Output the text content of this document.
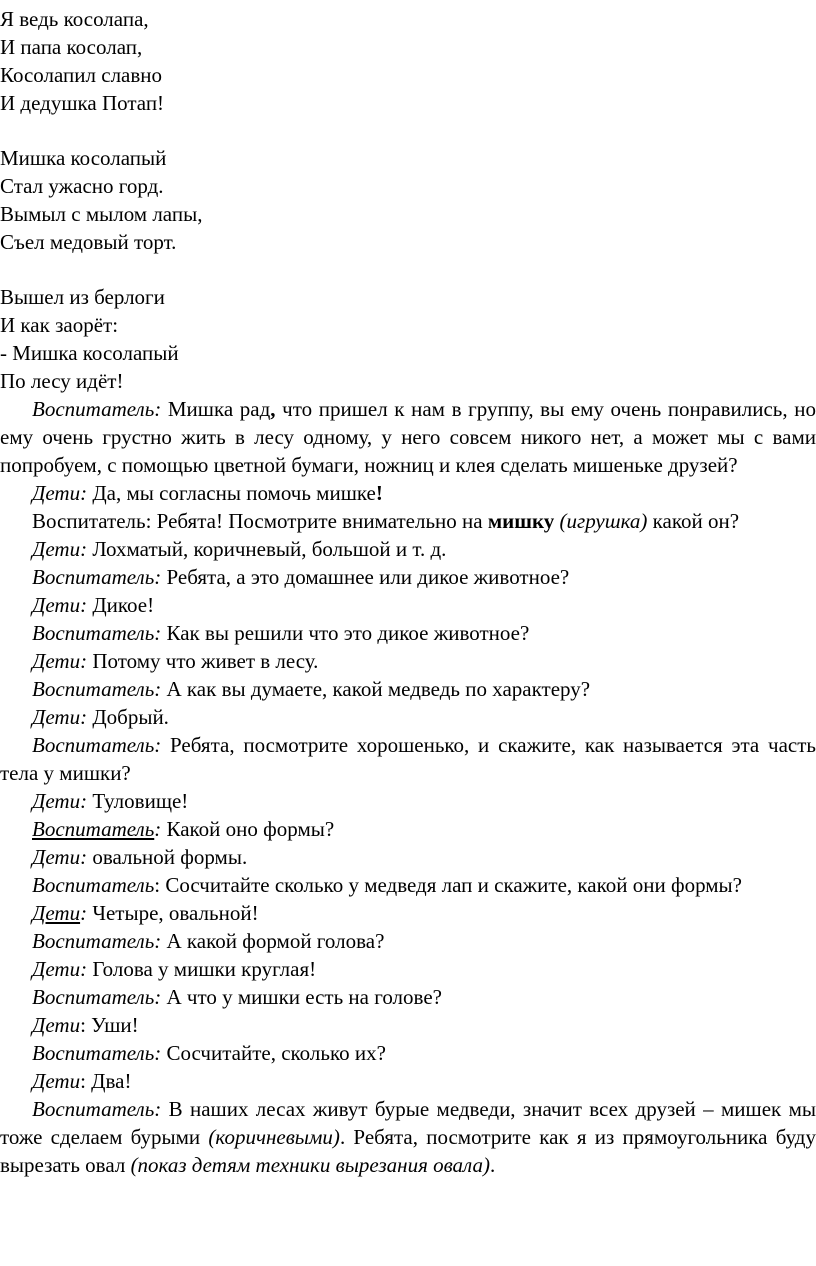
Я ведь косолапа,
И папа косолап,
Косолапил славно
И дедушка Потап!
Мишка косолапый
Стал ужасно горд.
Вымыл с мылом лапы,
Съел медовый торт.
Вышел из берлоги
И как заорёт:
- Мишка косолапый
По лесу идёт!

Воспитатель: Мишка рад, что пришел к нам в группу, вы ему очень понравились, но ему очень грустно жить в лесу одному, у него совсем никого нет, а может мы с вами попробуем, с помощью цветной бумаги, ножниц и клея сделать мишеньке друзей?

Дети: Да, мы согласны помочь мишке!

Воспитатель: Ребята! Посмотрите внимательно на мишку (игрушка) какой он?

Дети: Лохматый, коричневый, большой и т. д.

Воспитатель: Ребята, а это домашнее или дикое животное?

Дети: Дикое!

Воспитатель: Как вы решили что это дикое животное?

Дети: Потому что живет в лесу.

Воспитатель: А как вы думаете, какой медведь по характеру?

Дети: Добрый.

Воспитатель: Ребята, посмотрите хорошенько, и скажите, как называется эта часть тела у мишки?

Дети: Туловище!

Воспитатель: Какой оно формы?

Дети: овальной формы.

Воспитатель: Сосчитайте сколько у медведя лап и скажите, какой они формы?

Дети: Четыре, овальной!

Воспитатель: А какой формой голова?

Дети: Голова у мишки круглая!

Воспитатель: А что у мишки есть на голове?

Дети: Уши!

Воспитатель: Сосчитайте, сколько их?

Дети: Два!

Воспитатель: В наших лесах живут бурые медведи, значит всех друзей – мишек мы тоже сделаем бурыми (коричневыми). Ребята, посмотрите как я из прямоугольника буду вырезать овал (показ детям техники вырезания овала).
